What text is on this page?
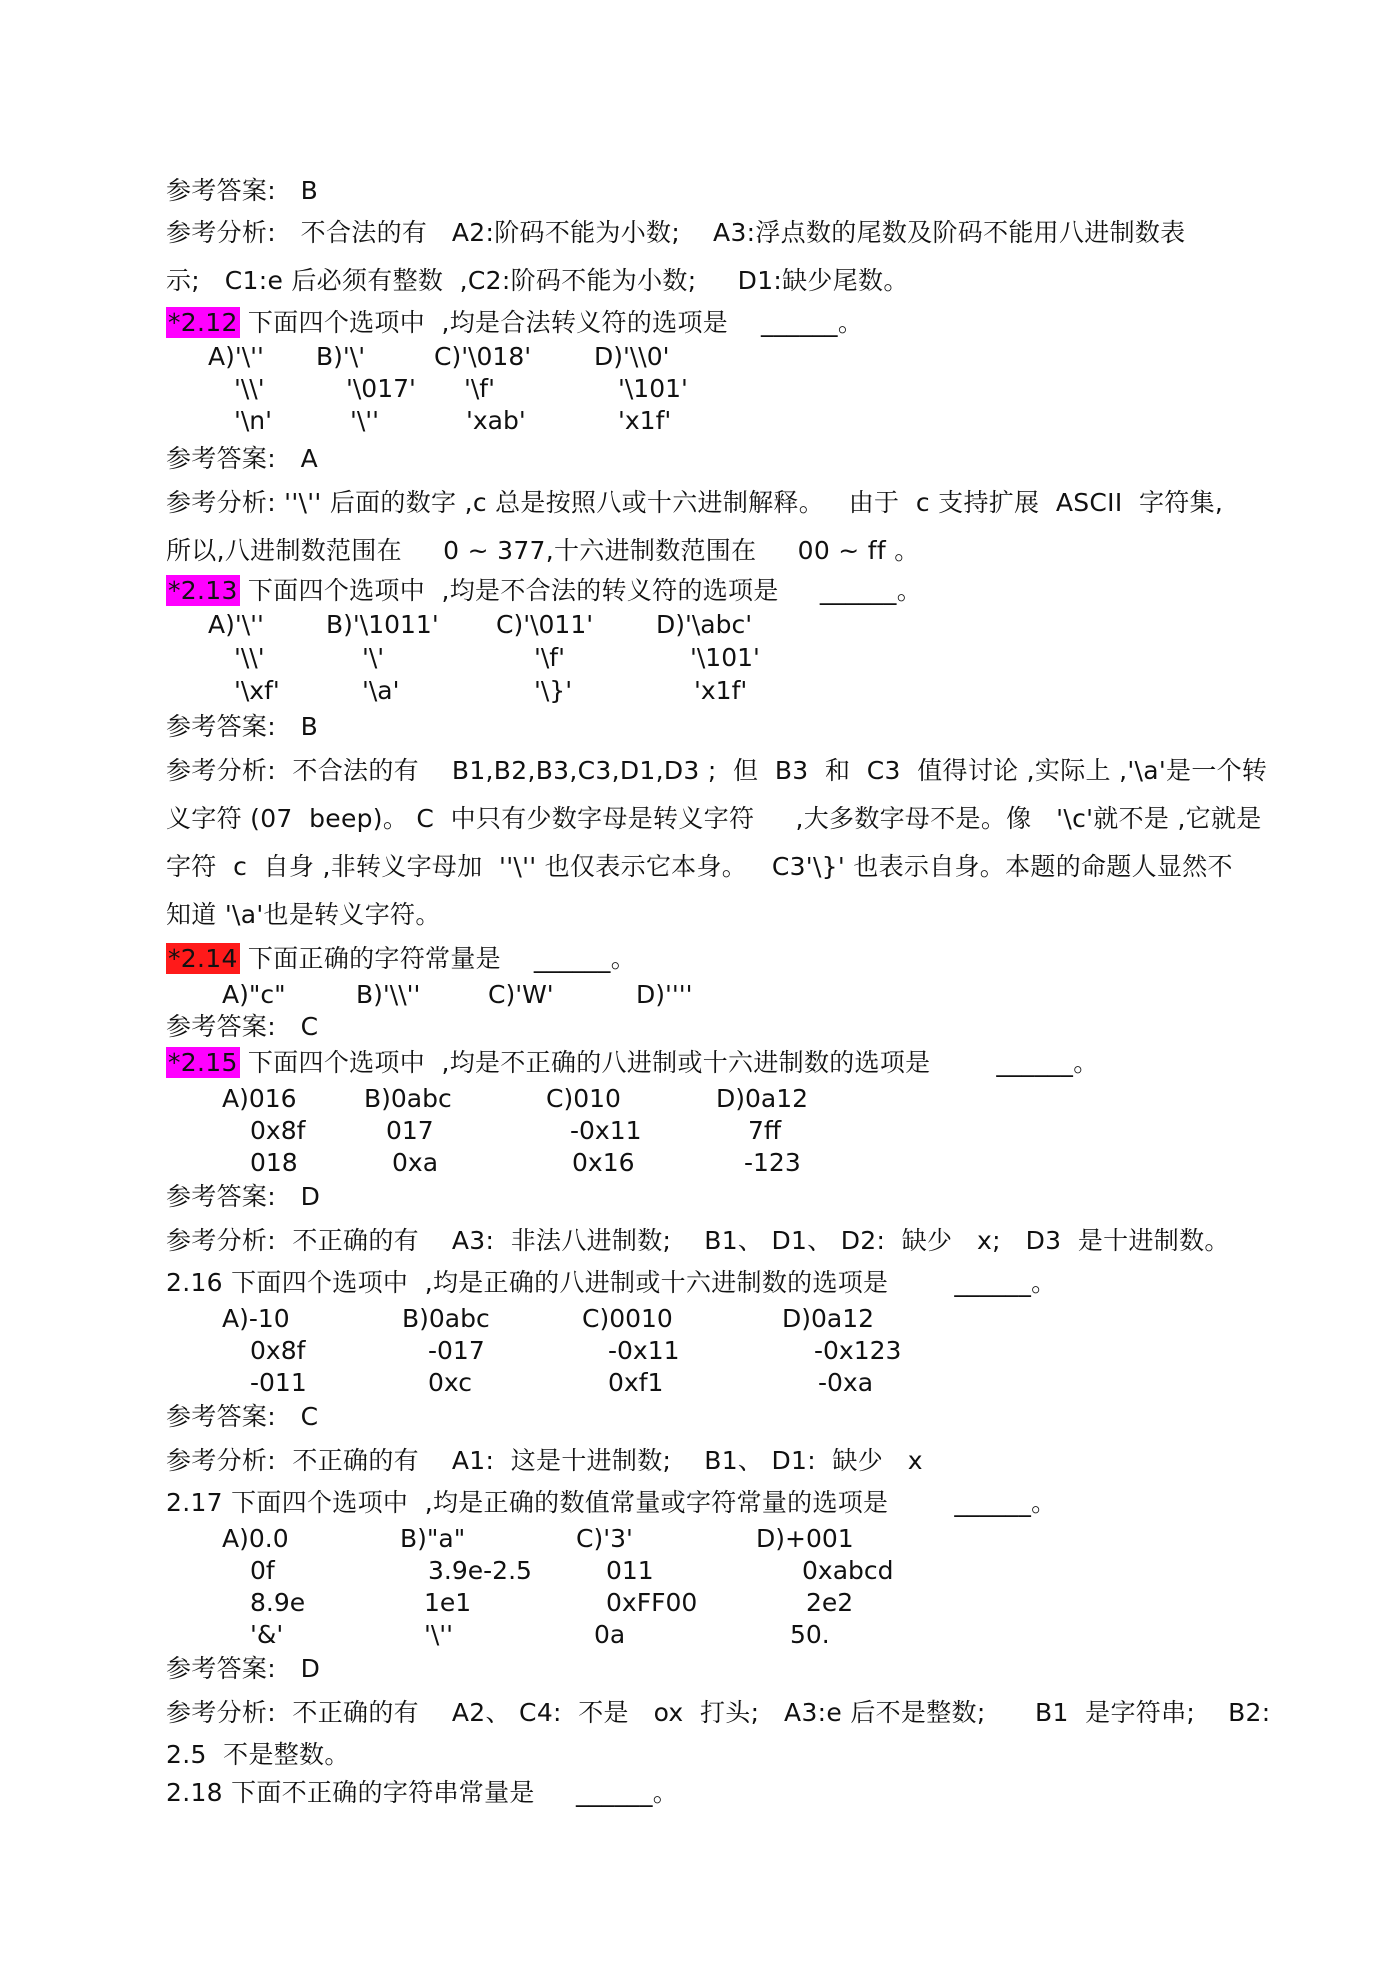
参考答案:   B
参考分析:   不合法的有   A2:阶码不能为小数;    A3:浮点数的尾数及阶码不能用八进制数表
示;   C1:e 后必须有整数  ,C2:阶码不能为小数;     D1:缺少尾数。
*2.12 下面四个选项中  ,均是合法转义符的选项是    ______。
A)'\'' B)'\'	C)'\018'	D)'\\0'
'\\'	'\017' '\f'	'\101'
'\n'	'\''	'xab'	'x1f'
参考答案:   A
参考分析: ''\'' 后面的数字 ,c 总是按照八或十六进制解释。   由于  c 支持扩展  ASCII  字符集,
所以,八进制数范围在     0 ~ 377,十六进制数范围在     00 ~ ff 。
*2.13 下面四个选项中  ,均是不合法的转义符的选项是     ______。
A)'\'' B)'\1011' C)'\011'	D)'\abc'
'\\'	'\'	'\f'	'\101'
'\xf'	'\a'	'\}'	'x1f'
参考答案:   B
参考分析:  不合法的有    B1,B2,B3,C3,D1,D3 ;  但  B3  和  C3  值得讨论 ,实际上 ,'\a'是一个转
义字符 (07  beep)。 C  中只有少数字母是转义字符     ,大多数字母不是。像   '\c'就不是 ,它就是
字符  c  自身 ,非转义字母加  ''\'' 也仅表示它本身。   C3'\}' 也表示自身。本题的命题人显然不
知道 '\a'也是转义字符。
*2.14 下面正确的字符常量是    ______。
A)"c"	B)'\\''	C)'W'	D)''''
参考答案:   C
*2.15 下面四个选项中  ,均是不正确的八进制或十六进制数的选项是        ______。
A)016	B)0abc	C)010	D)0a12
0x8f	017	-0x11	7ff
018	0xa	0x16	-123
参考答案:   D
参考分析:  不正确的有    A3:  非法八进制数;    B1、 D1、 D2:  缺少   x;   D3  是十进制数。
2.16 下面四个选项中  ,均是正确的八进制或十六进制数的选项是        ______。
A)-10	B)0abc	C)0010	D)0a12
0x8f	-017	-0x11	-0x123
-011	0xc	0xf1	-0xa
参考答案:   C
参考分析:  不正确的有    A1:  这是十进制数;    B1、 D1:  缺少   x
2.17 下面四个选项中  ,均是正确的数值常量或字符常量的选项是        ______。
A)0.0	B)"a"	C)'3'	D)+001
0f	3.9e-2.5	011	0xabcd
8.9e	1e1	0xFF00	2e2
'&'	'\''	0a	50.
参考答案:   D
参考分析:  不正确的有    A2、 C4:  不是   ox  打头;   A3:e 后不是整数;      B1  是字符串;    B2:
2.5  不是整数。
2.18 下面不正确的字符串常量是     ______。
